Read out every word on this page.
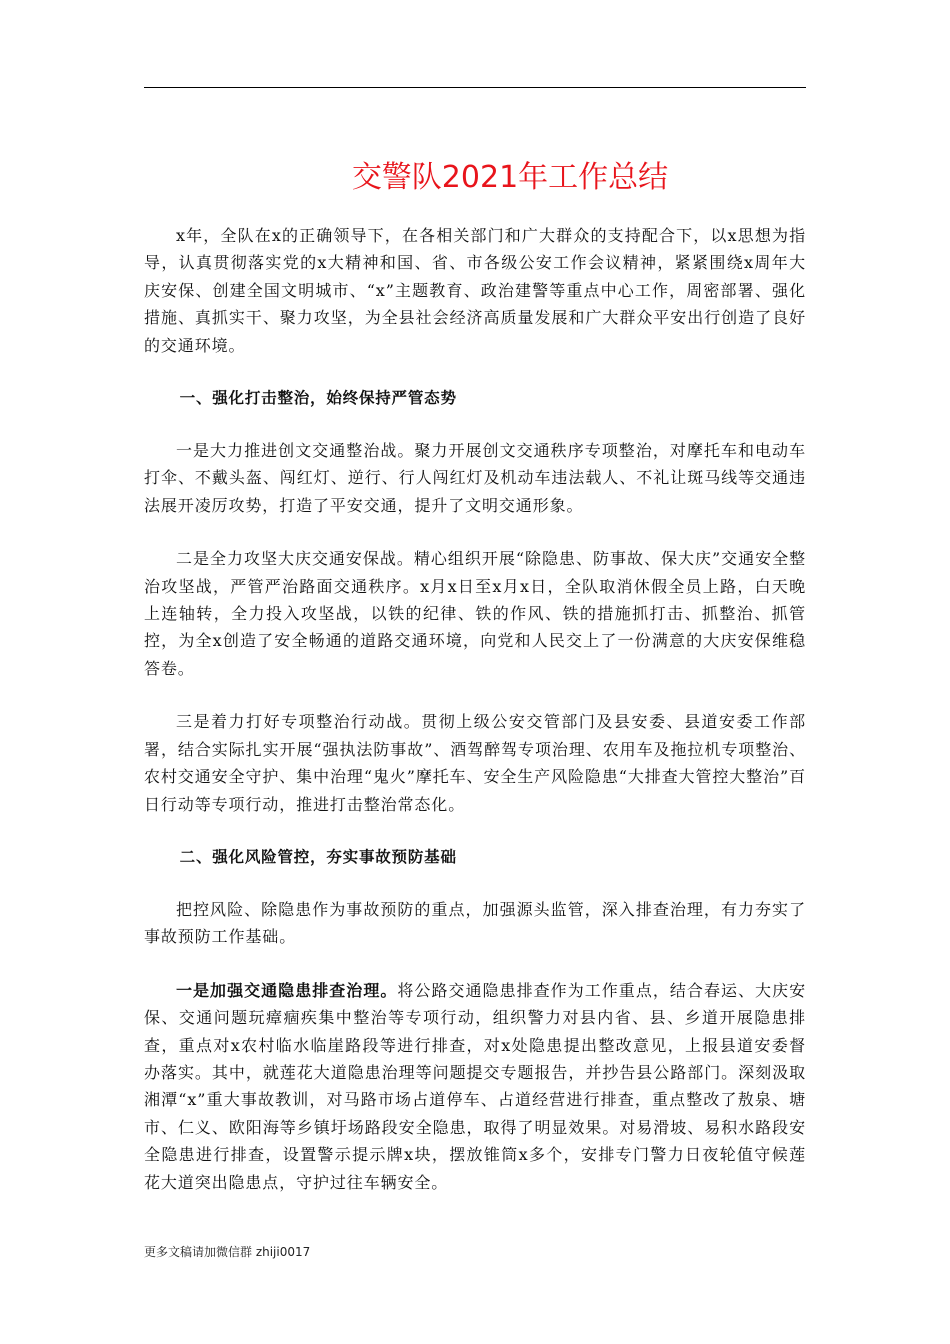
交警队2021年工作总结

x年，全队在x的正确领导下，在各相关部门和广大群众的支持配合下，以x思想为指导，认真贯彻落实党的x大精神和国、省、市各级公安工作会议精神，紧紧围绕x周年大庆安保、创建全国文明城市、“x”主题教育、政治建警等重点中心工作，周密部署、强化措施、真抓实干、聚力攻坚，为全县社会经济高质量发展和广大群众平安出行创造了良好的交通环境。

一、强化打击整治，始终保持严管态势

一是大力推进创文交通整治战。聚力开展创文交通秩序专项整治，对摩托车和电动车打伞、不戴头盔、闯红灯、逆行、行人闯红灯及机动车违法载人、不礼让斑马线等交通违法展开凌厉攻势，打造了平安交通，提升了文明交通形象。

二是全力攻坚大庆交通安保战。精心组织开展“除隐患、防事故、保大庆”交通安全整治攻坚战，严管严治路面交通秩序。x月x日至x月x日，全队取消休假全员上路，白天晚上连轴转，全力投入攻坚战，以铁的纪律、铁的作风、铁的措施抓打击、抓整治、抓管控，为全x创造了安全畅通的道路交通环境，向党和人民交上了一份满意的大庆安保维稳答卷。

三是着力打好专项整治行动战。贯彻上级公安交管部门及县安委、县道安委工作部署，结合实际扎实开展“强执法防事故”、酒驾醉驾专项治理、农用车及拖拉机专项整治、农村交通安全守护、集中治理“鬼火”摩托车、安全生产风险隐患“大排查大管控大整治”百日行动等专项行动，推进打击整治常态化。

二、强化风险管控，夯实事故预防基础

把控风险、除隐患作为事故预防的重点，加强源头监管，深入排查治理，有力夯实了事故预防工作基础。

一是加强交通隐患排查治理。将公路交通隐患排查作为工作重点，结合春运、大庆安保、交通问题玩瘴痼疾集中整治等专项行动，组织警力对县内省、县、乡道开展隐患排查，重点对x农村临水临崖路段等进行排查，对x处隐患提出整改意见，上报县道安委督办落实。其中，就莲花大道隐患治理等问题提交专题报告，并抄告县公路部门。深刻汲取湘潭“x”重大事故教训，对马路市场占道停车、占道经营进行排查，重点整改了敖泉、塘市、仁义、欧阳海等乡镇圩场路段安全隐患，取得了明显效果。对易滑坡、易积水路段安全隐患进行排查，设置警示提示牌x块，摆放锥筒x多个，安排专门警力日夜轮值守候莲花大道突出隐患点，守护过往车辆安全。

更多文稿请加微信群 zhiji0017
